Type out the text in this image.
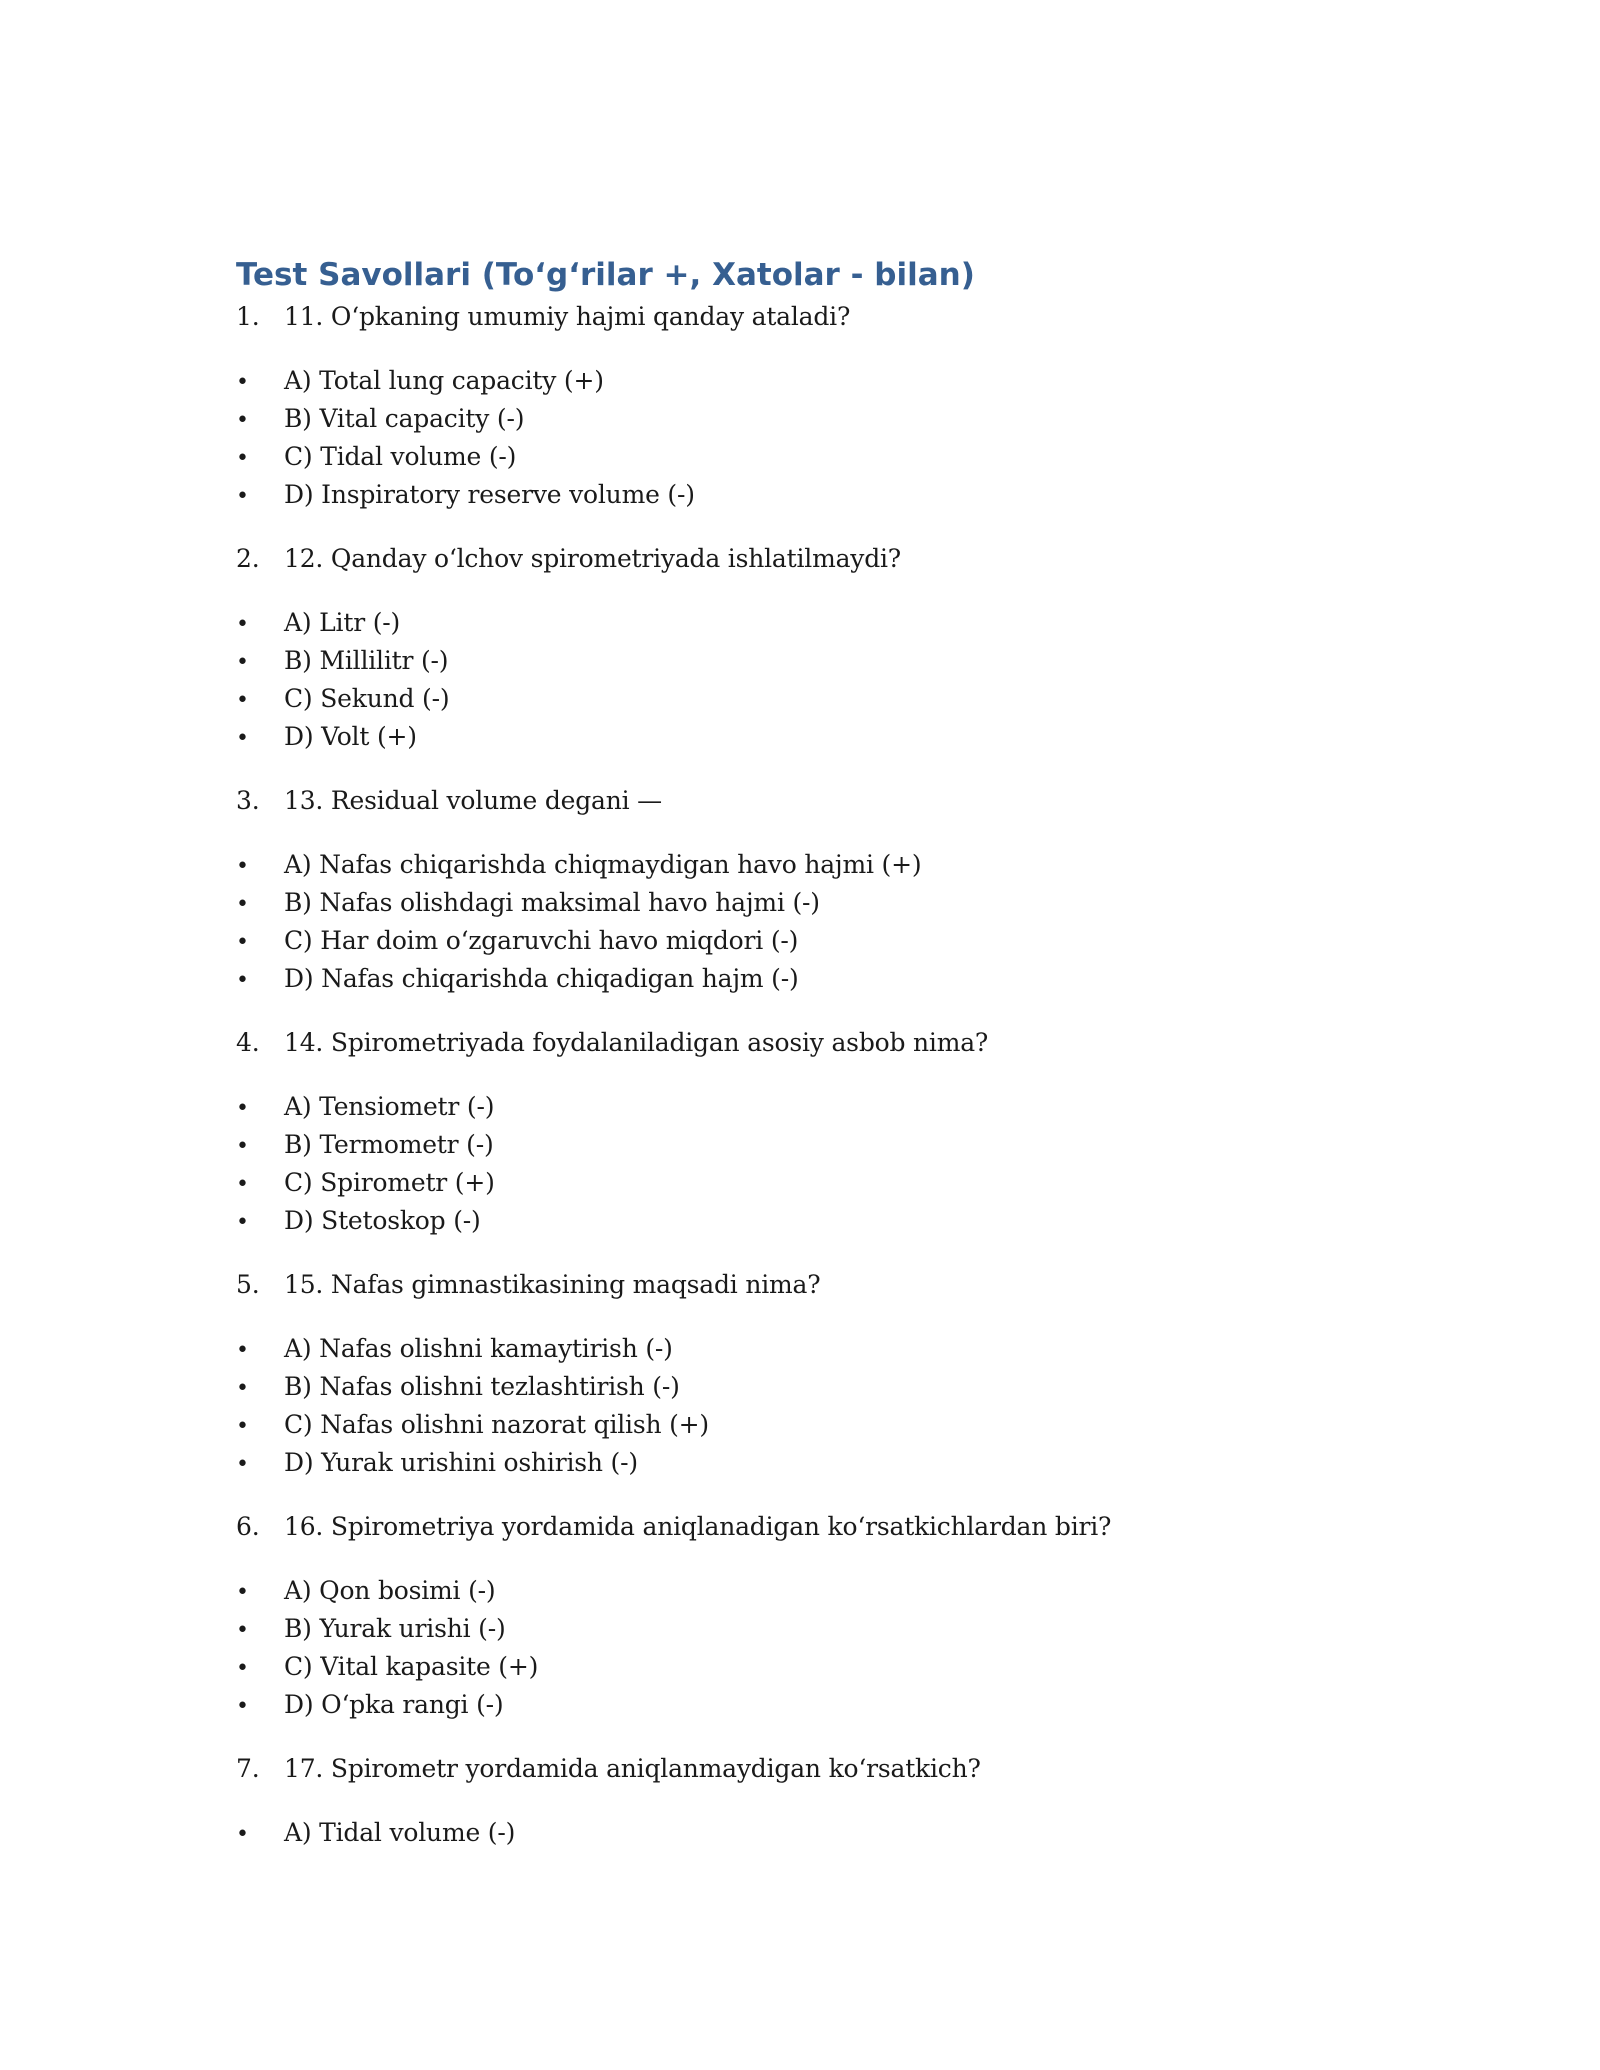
Test Savollari (To‘g‘rilar +, Xatolar - bilan)
1. 11. O‘pkaning umumiy hajmi qanday ataladi?
•	A) Total lung capacity (+)
•	B) Vital capacity (-)
•	C) Tidal volume (-)
•	D) Inspiratory reserve volume (-)
2. 12. Qanday o‘lchov spirometriyada ishlatilmaydi?
•	A) Litr (-)
•	B) Millilitr (-)
•	C) Sekund (-)
•	D) Volt (+)
3. 13. Residual volume degani —
•	A) Nafas chiqarishda chiqmaydigan havo hajmi (+)
•	B) Nafas olishdagi maksimal havo hajmi (-)
•	C) Har doim o‘zgaruvchi havo miqdori (-)
•	D) Nafas chiqarishda chiqadigan hajm (-)
4. 14. Spirometriyada foydalaniladigan asosiy asbob nima?
•	A) Tensiometr (-)
•	B) Termometr (-)
•	C) Spirometr (+)
•	D) Stetoskop (-)
5. 15. Nafas gimnastikasining maqsadi nima?
•	A) Nafas olishni kamaytirish (-)
•	B) Nafas olishni tezlashtirish (-)
•	C) Nafas olishni nazorat qilish (+)
•	D) Yurak urishini oshirish (-)
6. 16. Spirometriya yordamida aniqlanadigan ko‘rsatkichlardan biri?
•	A) Qon bosimi (-)
•	B) Yurak urishi (-)
•	C) Vital kapasite (+)
•	D) O‘pka rangi (-)
7. 17. Spirometr yordamida aniqlanmaydigan ko‘rsatkich?
•	A) Tidal volume (-)
